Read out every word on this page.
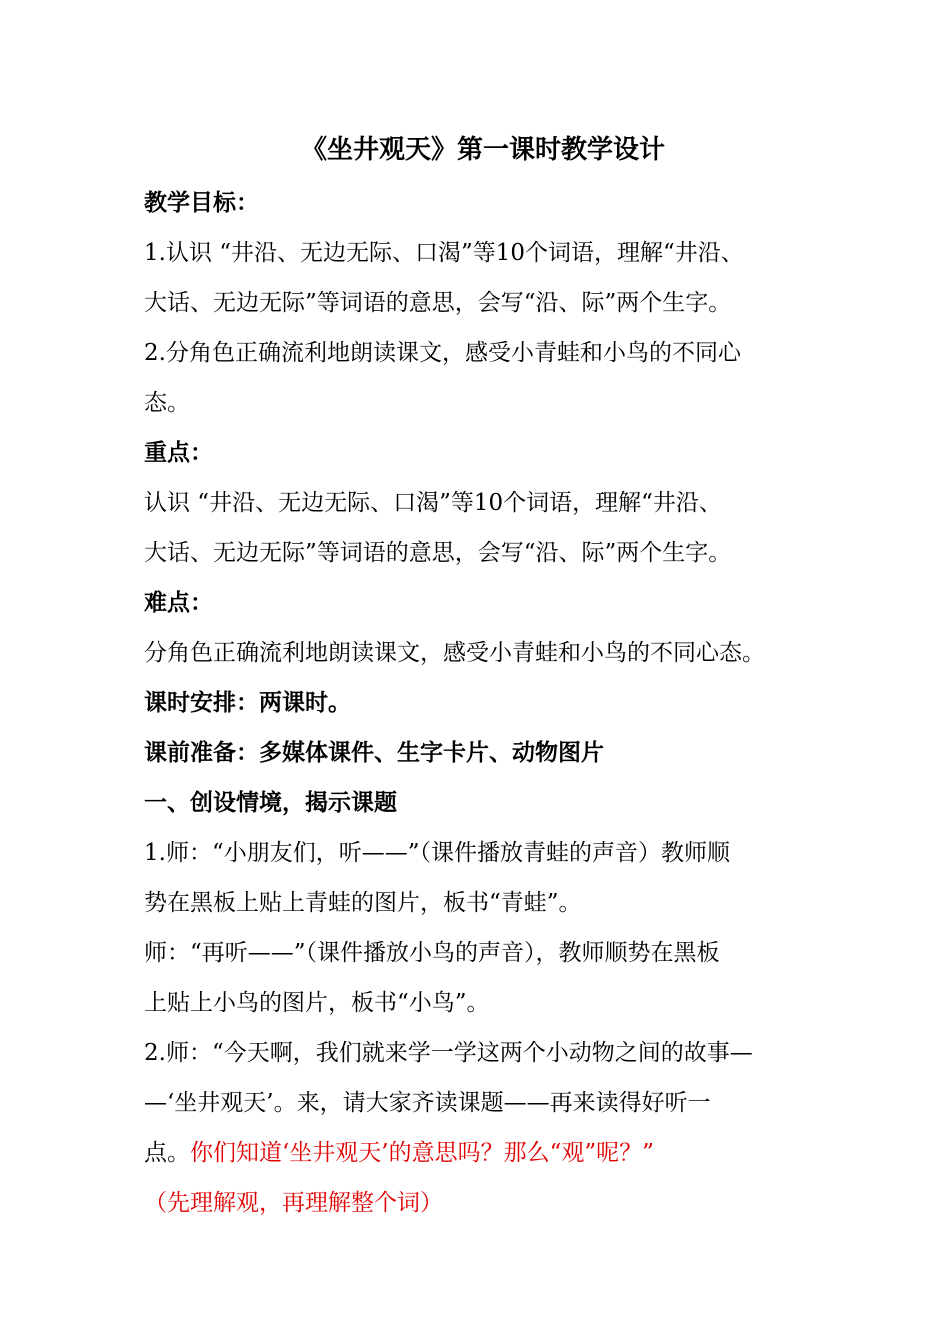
《坐井观天》第一课时教学设计
教学目标：
1.认识 “井沿、无边无际、口渴”等10个词语，理解“井沿、
大话、无边无际”等词语的意思，会写“沿、际”两个生字。
2.分角色正确流利地朗读课文，感受小青蛙和小鸟的不同心
态。
重点：
认识 “井沿、无边无际、口渴”等10个词语，理解“井沿、
大话、无边无际”等词语的意思，会写“沿、际”两个生字。
难点：
分角色正确流利地朗读课文，感受小青蛙和小鸟的不同心态。
课时安排：两课时。
课前准备：多媒体课件、生字卡片、动物图片
一、创设情境，揭示课题
1.师：“小朋友们，听——”（课件播放青蛙的声音）教师顺
势在黑板上贴上青蛙的图片，板书“青蛙”。
师：“再听——”（课件播放小鸟的声音），教师顺势在黑板
上贴上小鸟的图片，板书“小鸟”。
2.师：“今天啊，我们就来学一学这两个小动物之间的故事—
—‘坐井观天’。来，请大家齐读课题——再来读得好听一
点。你们知道‘坐井观天’的意思吗？那么“观”呢？”
（先理解观，再理解整个词）
